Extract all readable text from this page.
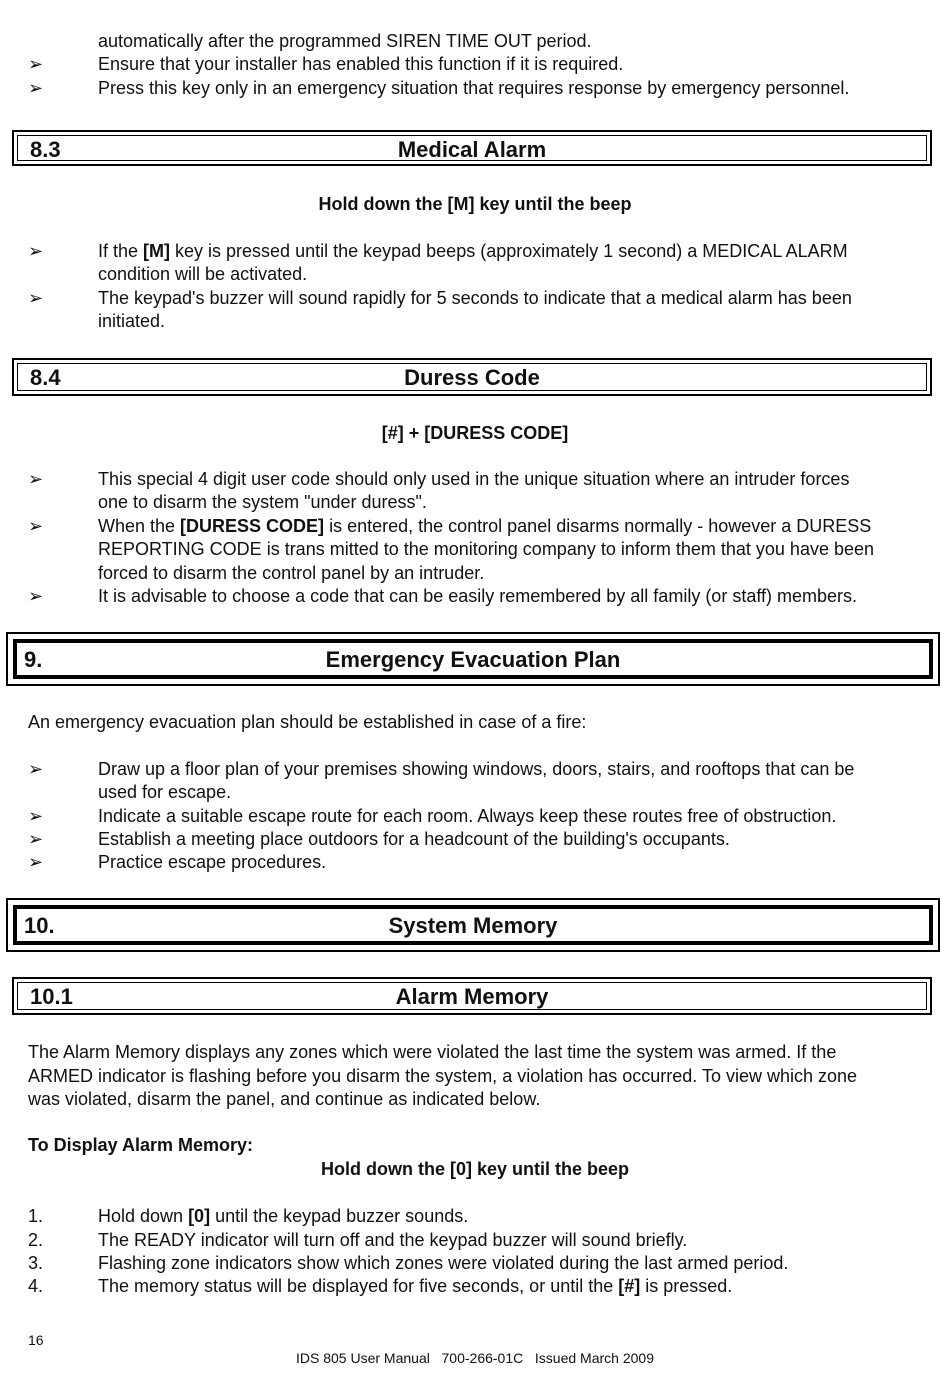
automatically after the programmed SIREN TIME OUT period.
➢	Ensure that your installer has enabled this function if it is required.
➢	Press this key only in an emergency situation that requires response by emergency personnel.
8.3	Medical Alarm
Hold down the [M] key until the beep
➢	If the [M] key is pressed until the keypad beeps (approximately 1 second) a MEDICAL ALARM
condition will be activated.
➢	The keypad's buzzer will sound rapidly for 5 seconds to indicate that a medical alarm has been
initiated.
8.4	Duress Code
[#] + [DURESS CODE]
➢	This special 4 digit user code should only used in the unique situation where an intruder forces
one to disarm the system "under duress".
➢	When the [DURESS CODE] is entered, the control panel disarms normally - however a DURESS
REPORTING CODE is trans mitted to the monitoring company to inform them that you have been
forced to disarm the control panel by an intruder.
➢	It is advisable to choose a code that can be easily remembered by all family (or staff) members.
9.	Emergency Evacuation Plan
An emergency evacuation plan should be established in case of a fire:
➢	Draw up a floor plan of your premises showing windows, doors, stairs, and rooftops that can be
used for escape.
➢	Indicate a suitable escape route for each room. Always keep these routes free of obstruction.
➢	Establish a meeting place outdoors for a headcount of the building's occupants.
➢	Practice escape procedures.
10.	System Memory
10.1	Alarm Memory
The Alarm Memory displays any zones which were violated the last time the system was armed. If the
ARMED indicator is flashing before you disarm the system, a violation has occurred. To view which zone
was violated, disarm the panel, and continue as indicated below.
To Display Alarm Memory:
Hold down the [0] key until the beep
1.	Hold down [0] until the keypad buzzer sounds.
2.	The READY indicator will turn off and the keypad buzzer will sound briefly.
3.	Flashing zone indicators show which zones were violated during the last armed period.
4.	The memory status will be displayed for five seconds, or until the [#] is pressed.
16
IDS 805 User Manual 700-266-01C Issued March 2009
